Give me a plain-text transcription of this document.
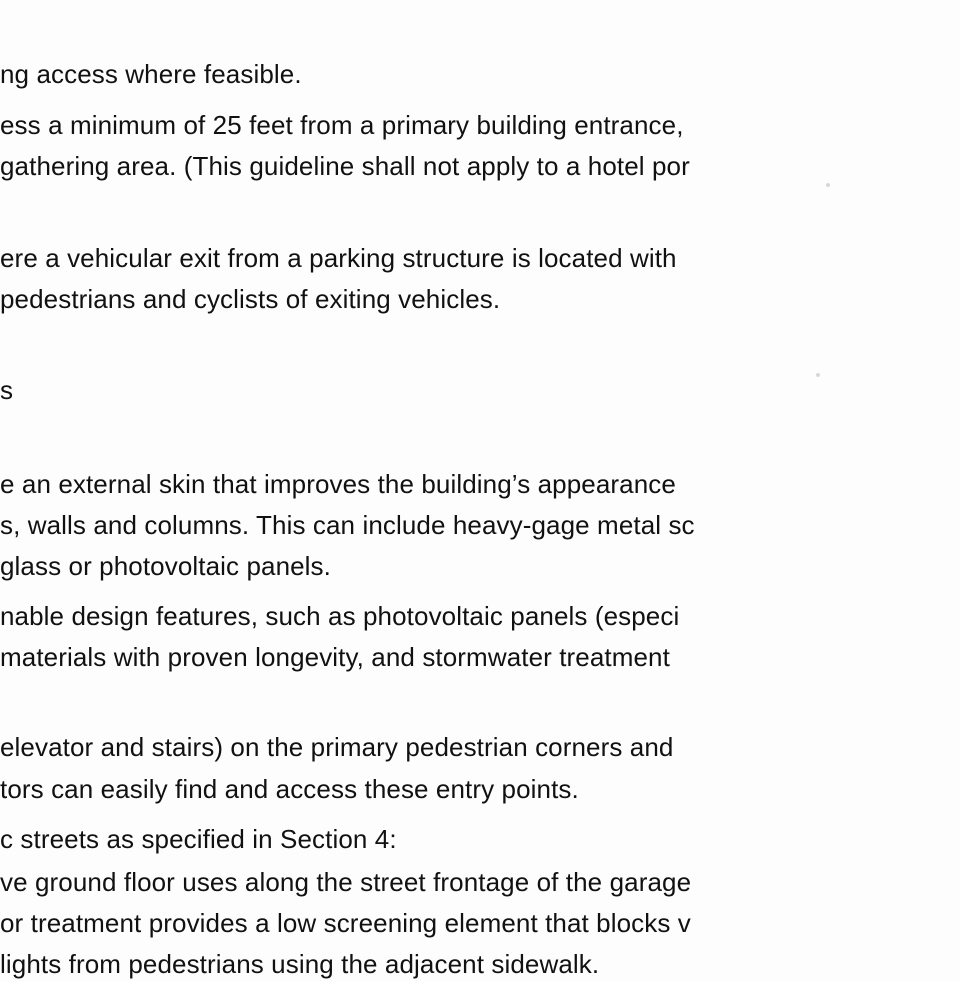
ng access where feasible.
ess a minimum of 25 feet from a primary building entrance,
gathering area. (This guideline shall not apply to a hotel por
ere a vehicular exit from a parking structure is located with
pedestrians and cyclists of exiting vehicles.
s
e an external skin that improves the building’s appearance
s, walls and columns. This can include heavy-gage metal sc
glass or photovoltaic panels.
nable design features, such as photovoltaic panels (especi
materials with proven longevity, and stormwater treatment
elevator and stairs) on the primary pedestrian corners and
tors can easily find and access these entry points.
c streets as specified in Section 4:
ve ground floor uses along the street frontage of the garage
or treatment provides a low screening element that blocks v
lights from pedestrians using the adjacent sidewalk.
